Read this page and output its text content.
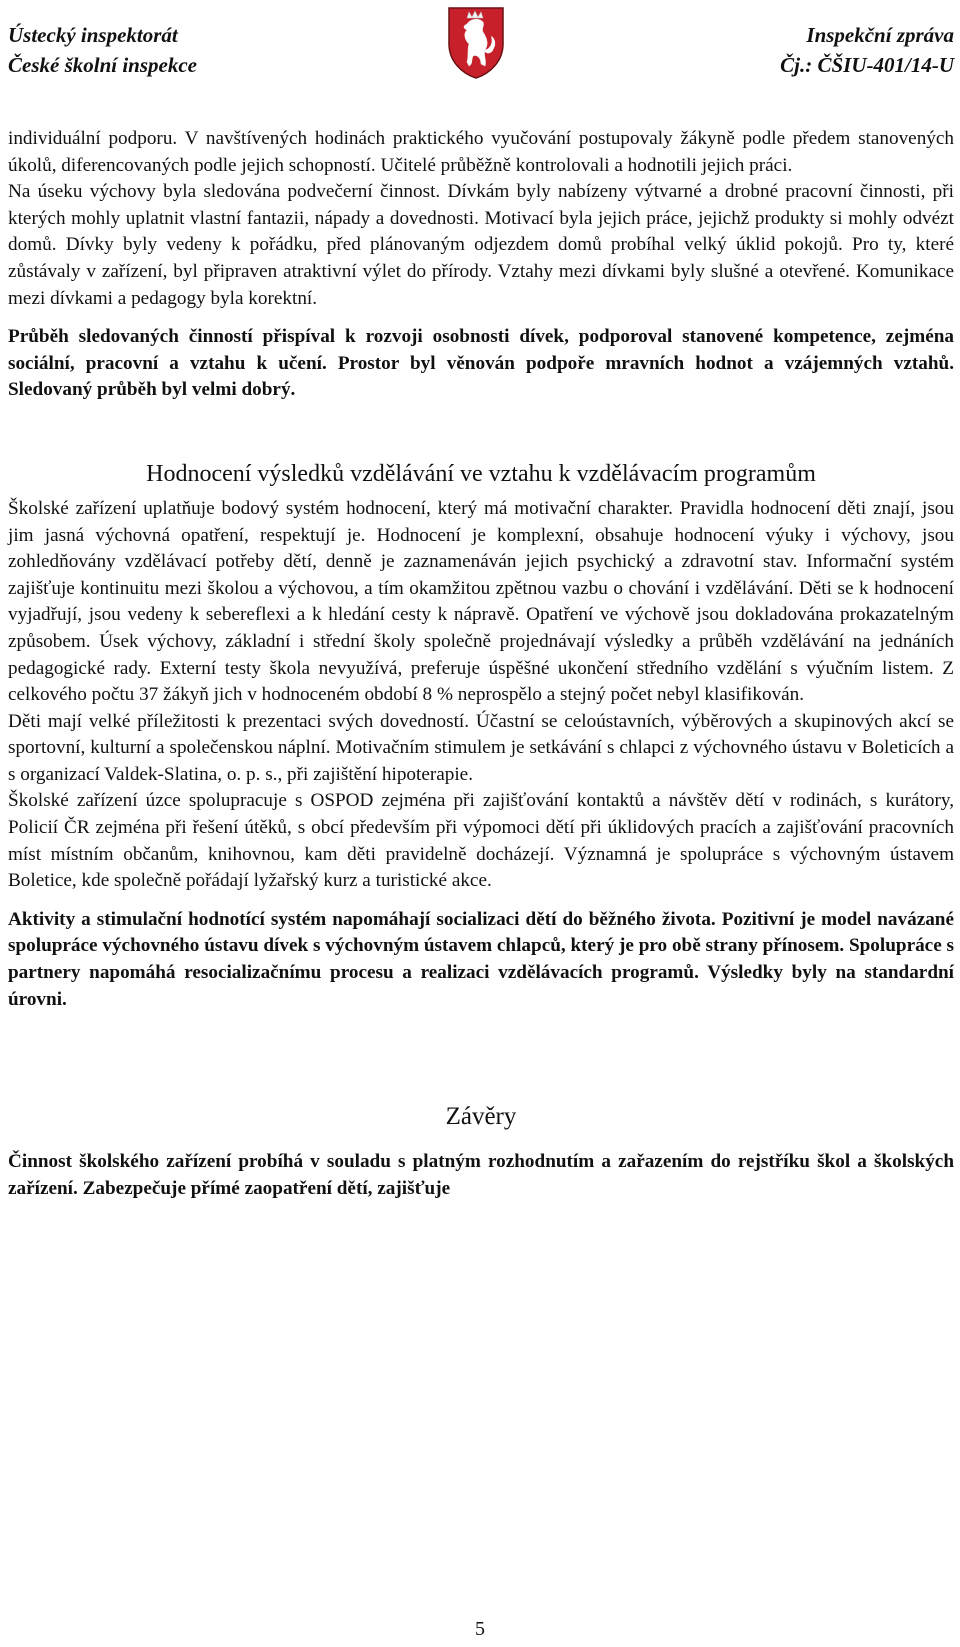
Ústecký inspektorát
České školní inspekce
Inspekční zpráva
Čj.: ČŠIU-401/14-U

individuální podporu. V navštívených hodinách praktického vyučování postupovaly žákyně podle předem stanovených úkolů, diferencovaných podle jejich schopností. Učitelé průběžně kontrolovali a hodnotili jejich práci.

Na úseku výchovy byla sledována podvečerní činnost. Dívkám byly nabízeny výtvarné a drobné pracovní činnosti, při kterých mohly uplatnit vlastní fantazii, nápady a dovednosti. Motivací byla jejich práce, jejichž produkty si mohly odvézt domů. Dívky byly vedeny k pořádku, před plánovaným odjezdem domů probíhal velký úklid pokojů. Pro ty, které zůstávaly v zařízení, byl připraven atraktivní výlet do přírody. Vztahy mezi dívkami byly slušné a otevřené. Komunikace mezi dívkami a pedagogy byla korektní.

Průběh sledovaných činností přispíval k rozvoji osobnosti dívek, podporoval stanovené kompetence, zejména sociální, pracovní a vztahu k učení. Prostor byl věnován podpoře mravních hodnot a vzájemných vztahů. Sledovaný průběh byl velmi dobrý.

Hodnocení výsledků vzdělávání ve vztahu k vzdělávacím programům

Školské zařízení uplatňuje bodový systém hodnocení, který má motivační charakter. Pravidla hodnocení děti znají, jsou jim jasná výchovná opatření, respektují je. Hodnocení je komplexní, obsahuje hodnocení výuky i výchovy, jsou zohledňovány vzdělávací potřeby dětí, denně je zaznamenáván jejich psychický a zdravotní stav. Informační systém zajišťuje kontinuitu mezi školou a výchovou, a tím okamžitou zpětnou vazbu o chování i vzdělávání. Děti se k hodnocení vyjadřují, jsou vedeny k sebereflexi a k hledání cesty k nápravě. Opatření ve výchově jsou dokladována prokazatelným způsobem. Úsek výchovy, základní i střední školy společně projednávají výsledky a průběh vzdělávání na jednáních pedagogické rady. Externí testy škola nevyužívá, preferuje úspěšné ukončení středního vzdělání s výučním listem. Z celkového počtu 37 žákyň jich v hodnoceném období 8 % neprospělo a stejný počet nebyl klasifikován.

Děti mají velké příležitosti k prezentaci svých dovedností. Účastní se celoústavních, výběrových a skupinových akcí se sportovní, kulturní a společenskou náplní. Motivačním stimulem je setkávání s chlapci z výchovného ústavu v Boleticích a s organizací Valdek-Slatina, o. p. s., při zajištění hipoterapie.

Školské zařízení úzce spolupracuje s OSPOD zejména při zajišťování kontaktů a návštěv dětí v rodinách, s kurátory, Policií ČR zejména při řešení útěků, s obcí především při výpomoci dětí při úklidových pracích a zajišťování pracovních míst místním občanům, knihovnou, kam děti pravidelně docházejí. Významná je spolupráce s výchovným ústavem Boletice, kde společně pořádají lyžařský kurz a turistické akce.

Aktivity a stimulační hodnotící systém napomáhají socializaci dětí do běžného života. Pozitivní je model navázané spolupráce výchovného ústavu dívek s výchovným ústavem chlapců, který je pro obě strany přínosem. Spolupráce s partnery napomáhá resocializačnímu procesu a realizaci vzdělávacích programů. Výsledky byly na standardní úrovni.

Závěry

Činnost školského zařízení probíhá v souladu s platným rozhodnutím a zařazením do rejstříku škol a školských zařízení. Zabezpečuje přímé zaopatření dětí, zajišťuje

5
